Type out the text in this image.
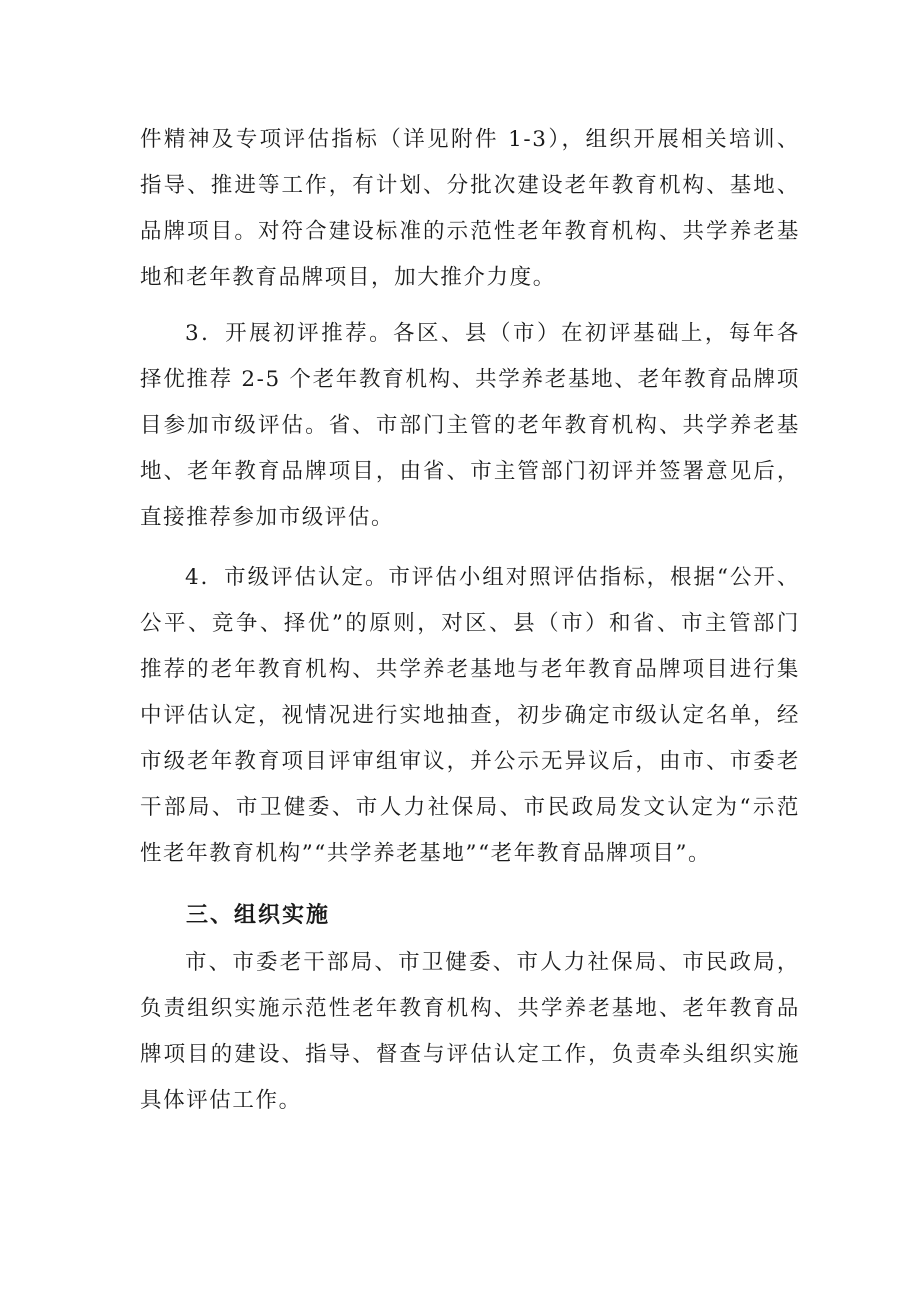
件精神及专项评估指标（详见附件 1-3），组织开展相关培训、
指导、推进等工作，有计划、分批次建设老年教育机构、基地、
品牌项目。对符合建设标准的示范性老年教育机构、共学养老基
地和老年教育品牌项目，加大推介力度。
3．开展初评推荐。各区、县（市）在初评基础上，每年各
择优推荐 2-5 个老年教育机构、共学养老基地、老年教育品牌项
目参加市级评估。省、市部门主管的老年教育机构、共学养老基
地、老年教育品牌项目，由省、市主管部门初评并签署意见后，
直接推荐参加市级评估。
4．市级评估认定。市评估小组对照评估指标，根据“公开、
公平、竞争、择优”的原则，对区、县（市）和省、市主管部门
推荐的老年教育机构、共学养老基地与老年教育品牌项目进行集
中评估认定，视情况进行实地抽查，初步确定市级认定名单，经
市级老年教育项目评审组审议，并公示无异议后，由市、市委老
干部局、市卫健委、市人力社保局、市民政局发文认定为“示范
性老年教育机构”“共学养老基地”“老年教育品牌项目”。
三、组织实施
市、市委老干部局、市卫健委、市人力社保局、市民政局，
负责组织实施示范性老年教育机构、共学养老基地、老年教育品
牌项目的建设、指导、督查与评估认定工作，负责牵头组织实施
具体评估工作。
